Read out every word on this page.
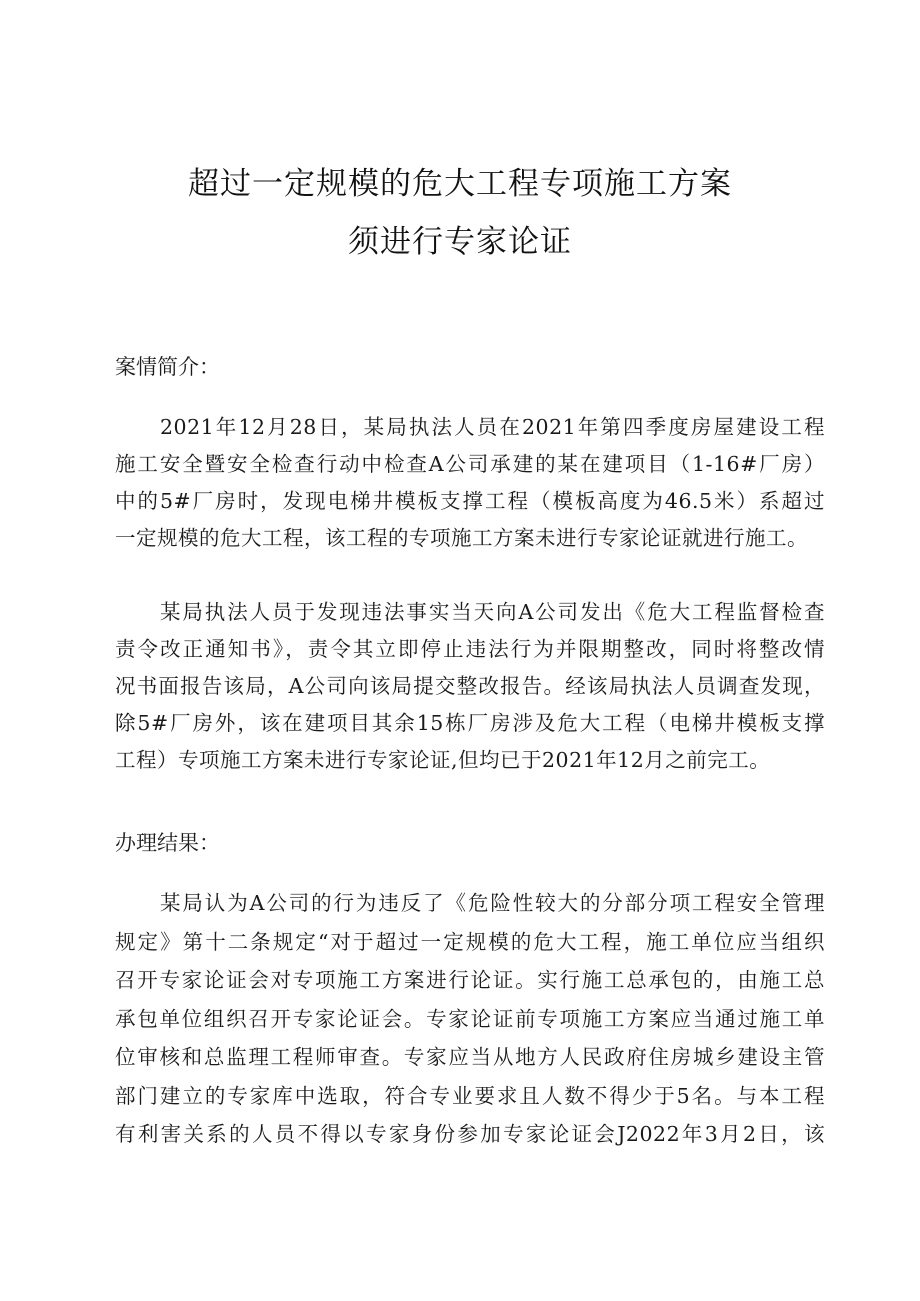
超过一定规模的危大工程专项施工方案
须进行专家论证
案情简介：
2021年12月28日，某局执法人员在2021年第四季度房屋建设工程
施工安全暨安全检查行动中检查A公司承建的某在建项目（1-16#厂房）
中的5#厂房时，发现电梯井模板支撑工程（模板高度为46.5米）系超过
一定规模的危大工程，该工程的专项施工方案未进行专家论证就进行施工。
某局执法人员于发现违法事实当天向A公司发出《危大工程监督检查
责令改正通知书》，责令其立即停止违法行为并限期整改，同时将整改情
况书面报告该局，A公司向该局提交整改报告。经该局执法人员调查发现，
除5#厂房外，该在建项目其余15栋厂房涉及危大工程（电梯井模板支撑
工程）专项施工方案未进行专家论证,但均已于2021年12月之前完工。
办理结果：
某局认为A公司的行为违反了《危险性较大的分部分项工程安全管理
规定》第十二条规定“对于超过一定规模的危大工程，施工单位应当组织
召开专家论证会对专项施工方案进行论证。实行施工总承包的，由施工总
承包单位组织召开专家论证会。专家论证前专项施工方案应当通过施工单
位审核和总监理工程师审查。专家应当从地方人民政府住房城乡建设主管
部门建立的专家库中选取，符合专业要求且人数不得少于5名。与本工程
有利害关系的人员不得以专家身份参加专家论证会J2022年3月2日，该
